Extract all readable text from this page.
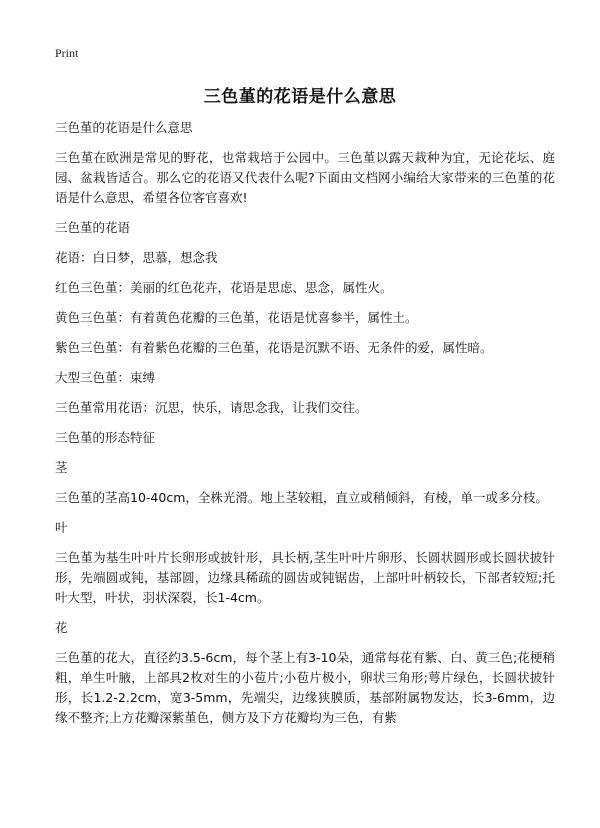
Print
三色堇的花语是什么意思

三色堇的花语是什么意思

三色堇在欧洲是常见的野花，也常栽培于公园中。三色堇以露天栽种为宜，无论花坛、庭园、盆栽皆适合。那么它的花语又代表什么呢?下面由文档网小编给大家带来的三色堇的花语是什么意思，希望各位客官喜欢!

三色堇的花语

花语：白日梦，思慕，想念我

红色三色堇：美丽的红色花卉，花语是思虑、思念，属性火。

黄色三色堇：有着黄色花瓣的三色堇，花语是忧喜参半，属性土。

紫色三色堇：有着紫色花瓣的三色堇，花语是沉默不语、无条件的爱，属性暗。

大型三色堇：束缚

三色堇常用花语：沉思，快乐，请思念我，让我们交往。

三色堇的形态特征

茎

三色堇的茎高10-40cm，全株光滑。地上茎较粗，直立或稍倾斜，有棱，单一或多分枝。

叶

三色堇为基生叶叶片长卵形或披针形，具长柄,茎生叶叶片卵形、长圆状圆形或长圆状披针形，先端圆或钝，基部圆，边缘具稀疏的圆齿或钝锯齿，上部叶叶柄较长，下部者较短;托叶大型，叶状，羽状深裂，长1-4cm。

花

三色堇的花大，直径约3.5-6cm，每个茎上有3-10朵，通常每花有紫、白、黄三色;花梗稍粗，单生叶腋，上部具2枚对生的小苞片;小苞片极小，卵状三角形;萼片绿色，长圆状披针形，长1.2-2.2cm，宽3-5mm，先端尖，边缘狭膜质，基部附属物发达，长3-6mm，边缘不整齐;上方花瓣深紫堇色，侧方及下方花瓣均为三色，有紫
